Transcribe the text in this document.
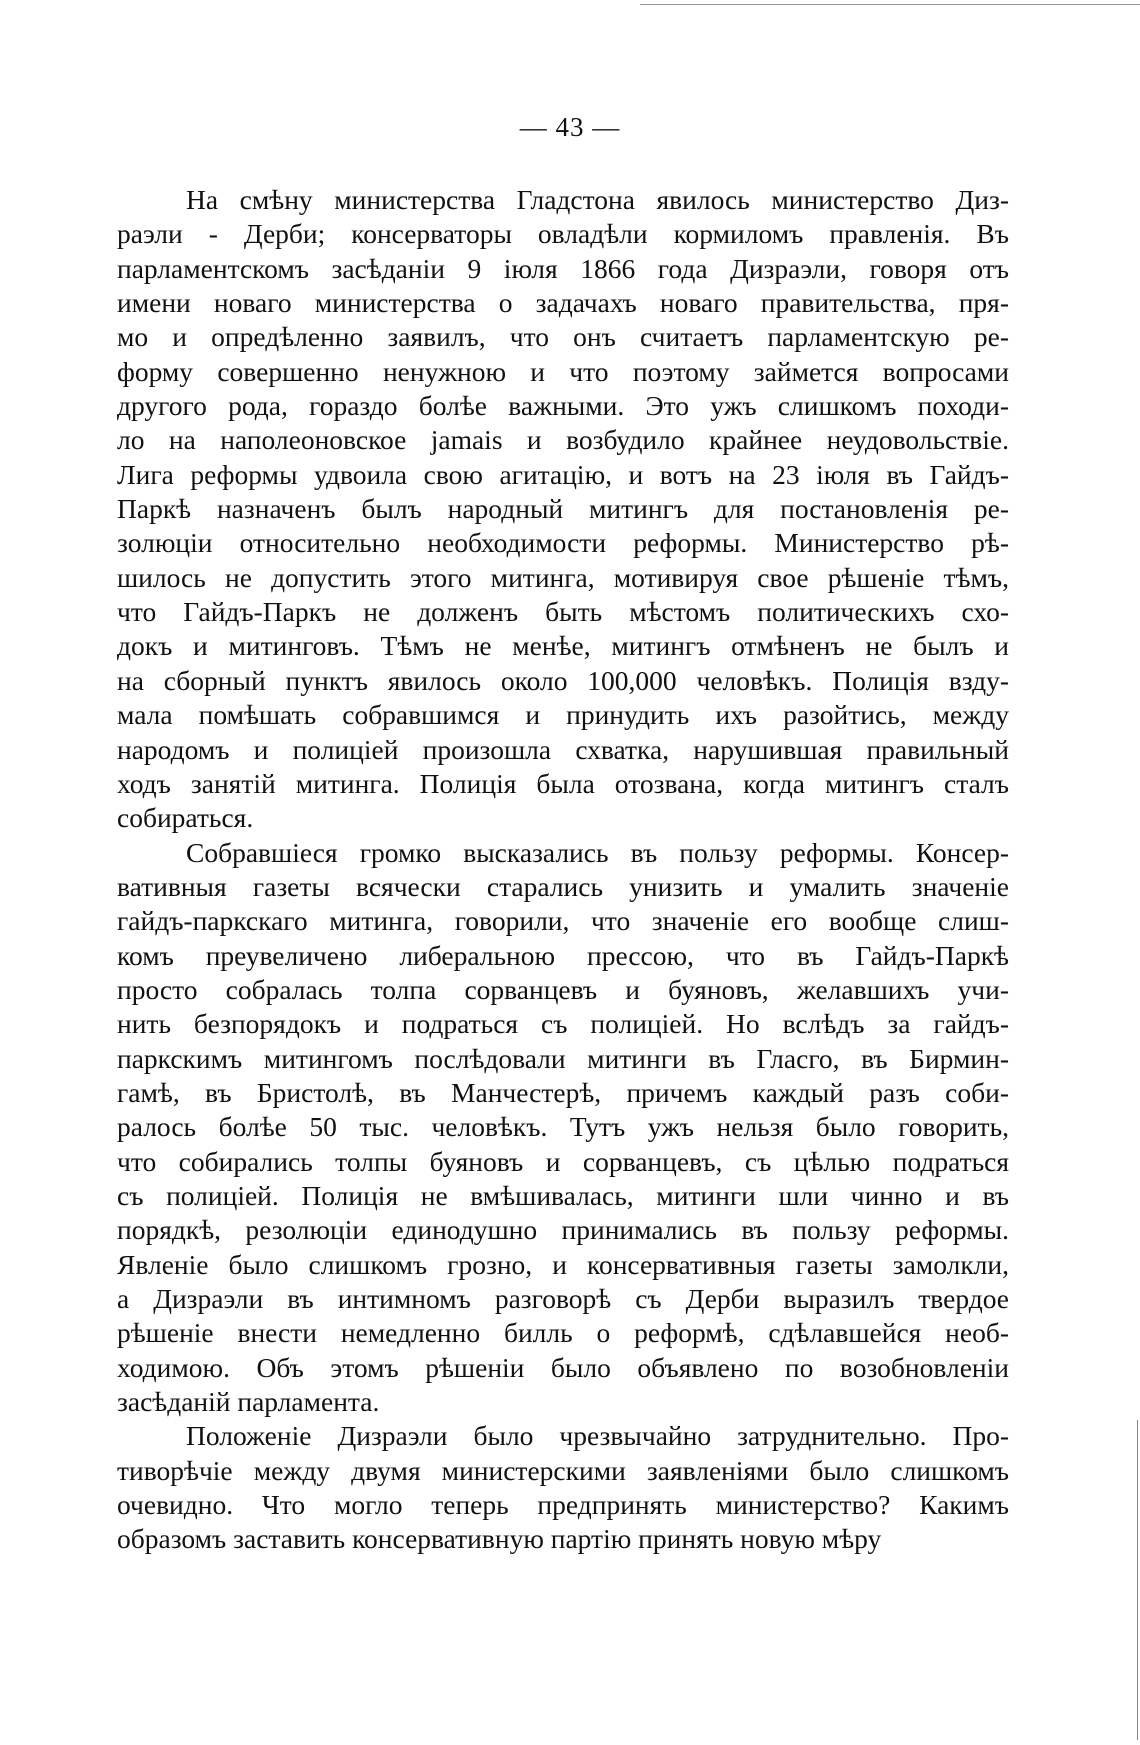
— 43 —
На смѣну министерства Гладстона явилось министерство Диз-
раэли - Дерби; консерваторы овладѣли кормиломъ правленія. Въ
парламентскомъ засѣданіи 9 іюля 1866 года Дизраэли, говоря отъ
имени новаго министерства о задачахъ новаго правительства, пря-
мо и опредѣленно заявилъ, что онъ считаетъ парламентскую ре-
форму совершенно ненужною и что поэтому займется вопросами
другого рода, гораздо болѣе важными. Это ужъ слишкомъ походи-
ло на наполеоновское jamais и возбудило крайнее неудовольствіе.
Лига реформы удвоила свою агитацію, и вотъ на 23 іюля въ Гайдъ-
Паркѣ назначенъ былъ народный митингъ для постановленія ре-
золюціи относительно необходимости реформы. Министерство рѣ-
шилось не допустить этого митинга, мотивируя свое рѣшеніе тѣмъ,
что Гайдъ-Паркъ не долженъ быть мѣстомъ политическихъ схо-
докъ и митинговъ. Тѣмъ не менѣе, митингъ отмѣненъ не былъ и
на сборный пунктъ явилось около 100,000 человѣкъ. Полиція взду-
мала помѣшать собравшимся и принудить ихъ разойтись, между
народомъ и полиціей произошла схватка, нарушившая правильный
ходъ занятій митинга. Полиція была отозвана, когда митингъ сталъ
собираться.
Собравшіеся громко высказались въ пользу реформы. Консер-
вативныя газеты всячески старались унизить и умалить значеніе
гайдъ-паркскаго митинга, говорили, что значеніе его вообще слиш-
комъ преувеличено либеральною прессою, что въ Гайдъ-Паркѣ
просто собралась толпа сорванцевъ и буяновъ, желавшихъ учи-
нить безпорядокъ и подраться съ полиціей. Но вслѣдъ за гайдъ-
паркскимъ митингомъ послѣдовали митинги въ Гласго, въ Бирмин-
гамѣ, въ Бристолѣ, въ Манчестерѣ, причемъ каждый разъ соби-
ралось болѣе 50 тыс. человѣкъ. Тутъ ужъ нельзя было говорить,
что собирались толпы буяновъ и сорванцевъ, съ цѣлью подраться
съ полиціей. Полиція не вмѣшивалась, митинги шли чинно и въ
порядкѣ, резолюціи единодушно принимались въ пользу реформы.
Явленіе было слишкомъ грозно, и консервативныя газеты замолкли,
а Дизраэли въ интимномъ разговорѣ съ Дерби выразилъ твердое
рѣшеніе внести немедленно билль о реформѣ, сдѣлавшейся необ-
ходимою. Объ этомъ рѣшеніи было объявлено по возобновленіи
засѣданій парламента.
Положеніе Дизраэли было чрезвычайно затруднительно. Про-
тиворѣчіе между двумя министерскими заявленіями было слишкомъ
очевидно. Что могло теперь предпринять министерство? Какимъ
образомъ заставить консервативную партію принять новую мѣру
